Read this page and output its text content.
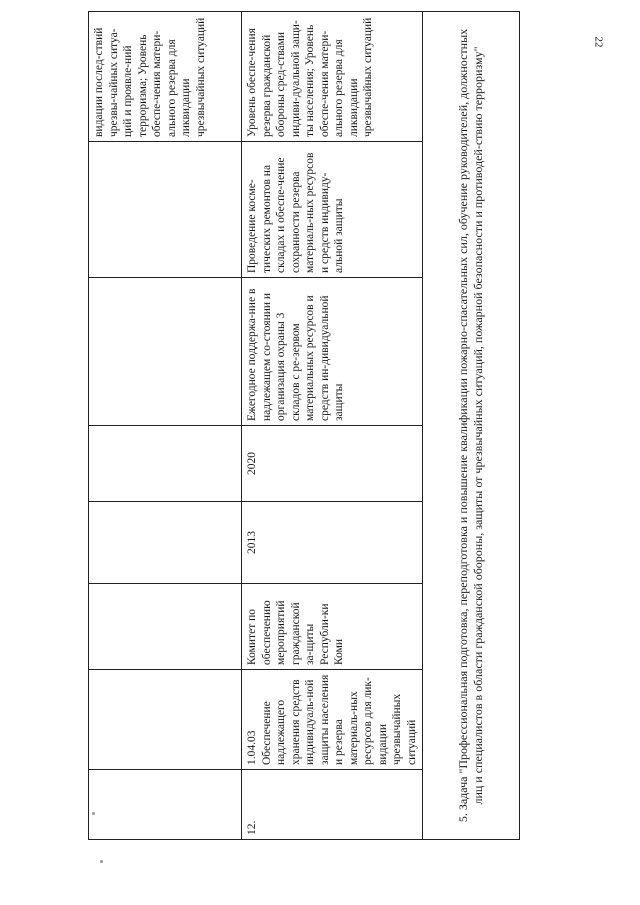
22
							видации послед-ствий чрезвы-чайных ситуа-ций и проявле-ний терроризма; Уровень обеспе-чения матери-ального резерва для ликвидации чрезвычайных ситуаций
12.	1.04.03 Обеспечение надлежащего хранения средств индивидуаль-ной защиты населения и резерва материаль-ных ресурсов для лик-видации чрезвычайных ситуаций	Комитет по обеспечению мероприятий гражданской за-щиты Республи-ки Коми	2013	2020	Ежегодное поддержа-ние в надлежащем со-стоянии и организация охраны 3 складов с ре-зервом материальных ресурсов и средств ин-дивидуальной защиты	Проведение косме-тических ремонтов на складах и обеспе-чение сохранности резерва материаль-ных ресурсов и средств индивиду-альной защиты	Уровень обеспе-чения резерва гражданской обороны сред-ствами индиви-дуальной защи-ты населения; Уровень обеспе-чения матери-ального резерва для ликвидации чрезвычайных ситуаций
5. Задача "Профессиональная подготовка, переподготовка и повышение квалификации пожарно-спасательных сил, обучение руководителей, должностных лиц и специалистов в области гражданской обороны, защиты от чрезвычайных ситуаций, пожарной безопасности и противодей-ствию терроризму"							
